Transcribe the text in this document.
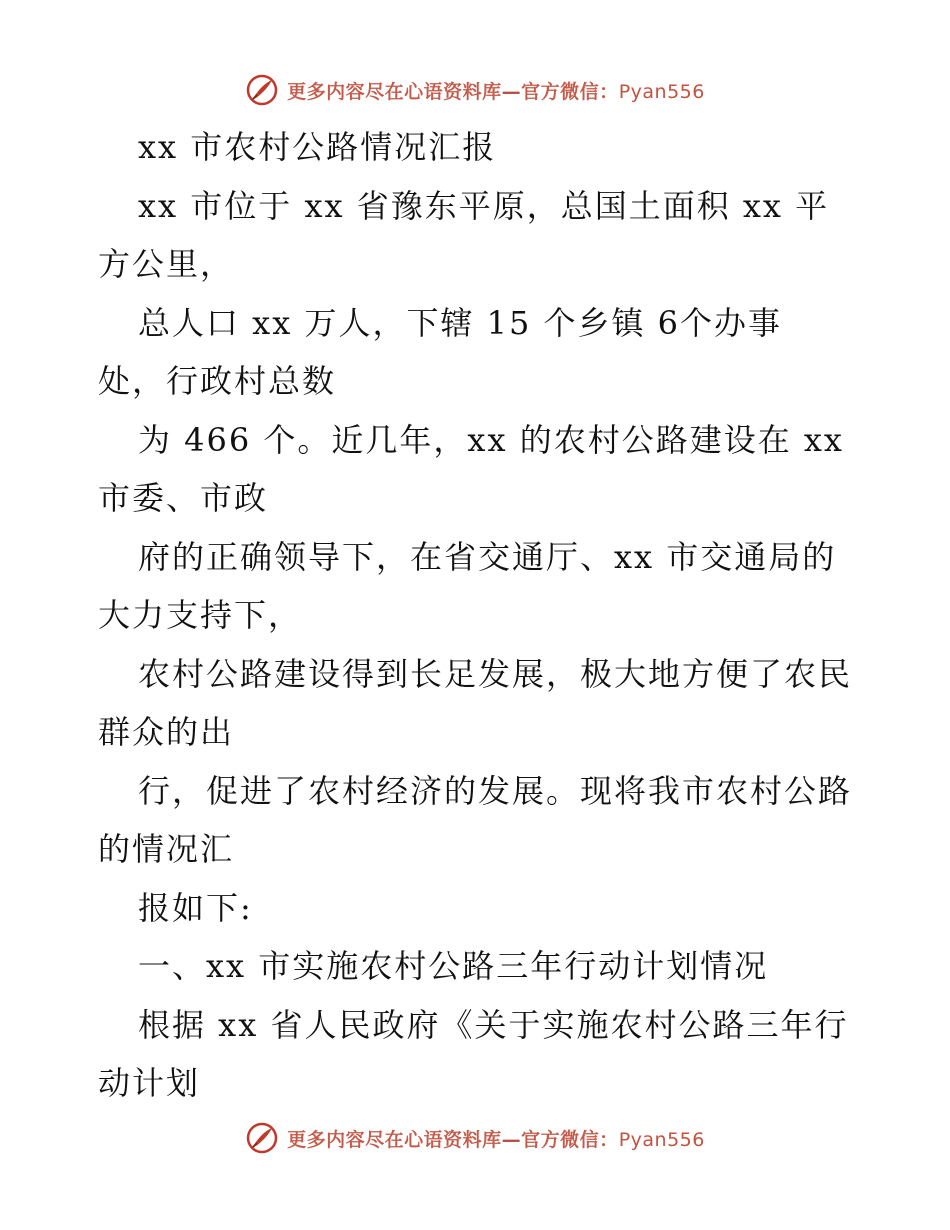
更多内容尽在心语资料库—官方微信：Pyan556
xx 市农村公路情况汇报
xx 市位于 xx 省豫东平原，总国土面积 xx 平
方公里，
总人口 xx 万人，下辖 15 个乡镇 6个办事
处，行政村总数
为 466 个。近几年，xx 的农村公路建设在 xx
市委、市政
府的正确领导下，在省交通厅、xx 市交通局的
大力支持下，
农村公路建设得到长足发展，极大地方便了农民
群众的出
行，促进了农村经济的发展。现将我市农村公路
的情况汇
报如下:
一、xx 市实施农村公路三年行动计划情况
根据 xx 省人民政府《关于实施农村公路三年行
动计划
更多内容尽在心语资料库—官方微信：Pyan556
